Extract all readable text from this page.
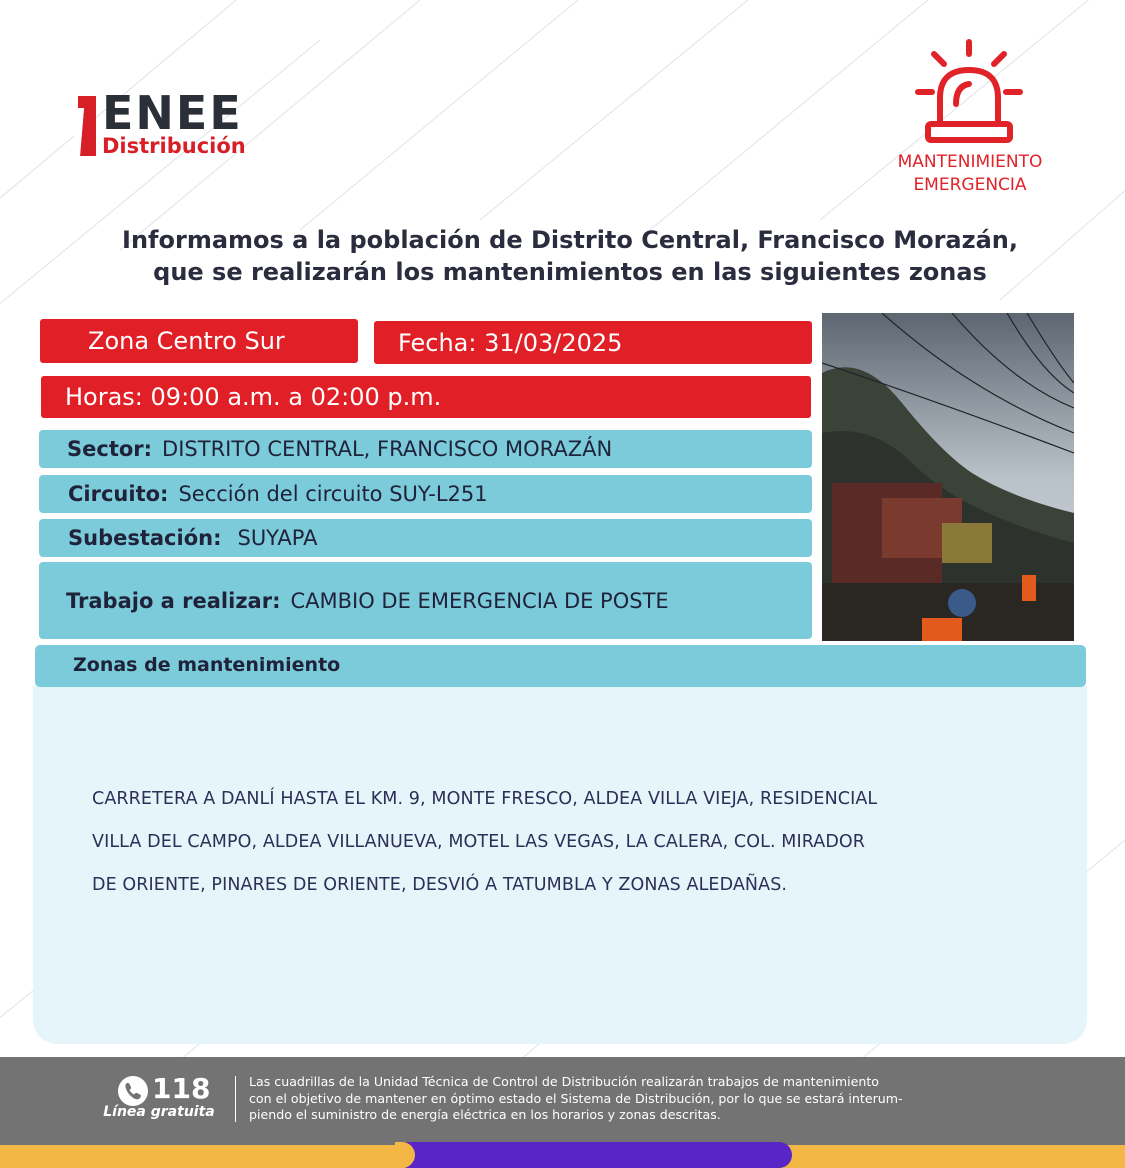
ENEE
Distribución
MANTENIMIENTO
EMERGENCIA
Informamos a la población de Distrito Central, Francisco Morazán,
que se realizarán los mantenimientos en las siguientes zonas
Zona Centro Sur	Fecha: 31/03/2025
Horas: 09:00 a.m. a 02:00 p.m.
Sector: DISTRITO CENTRAL, FRANCISCO MORAZÁN
Circuito: Sección del circuito SUY-L251
Subestación: SUYAPA
Trabajo a realizar: CAMBIO DE EMERGENCIA DE POSTE
Zonas de mantenimiento
CARRETERA A DANLÍ HASTA EL KM. 9, MONTE FRESCO, ALDEA VILLA VIEJA, RESIDENCIAL
VILLA DEL CAMPO, ALDEA VILLANUEVA, MOTEL LAS VEGAS, LA CALERA, COL. MIRADOR
DE ORIENTE, PINARES DE ORIENTE, DESVIÓ A TATUMBLA Y ZONAS ALEDAÑAS.
118
Línea gratuita
Las cuadrillas de la Unidad Técnica de Control de Distribución realizarán trabajos de mantenimiento
con el objetivo de mantener en óptimo estado el Sistema de Distribución, por lo que se estará interum-
piendo el suministro de energía eléctrica en los horarios y zonas descritas.
